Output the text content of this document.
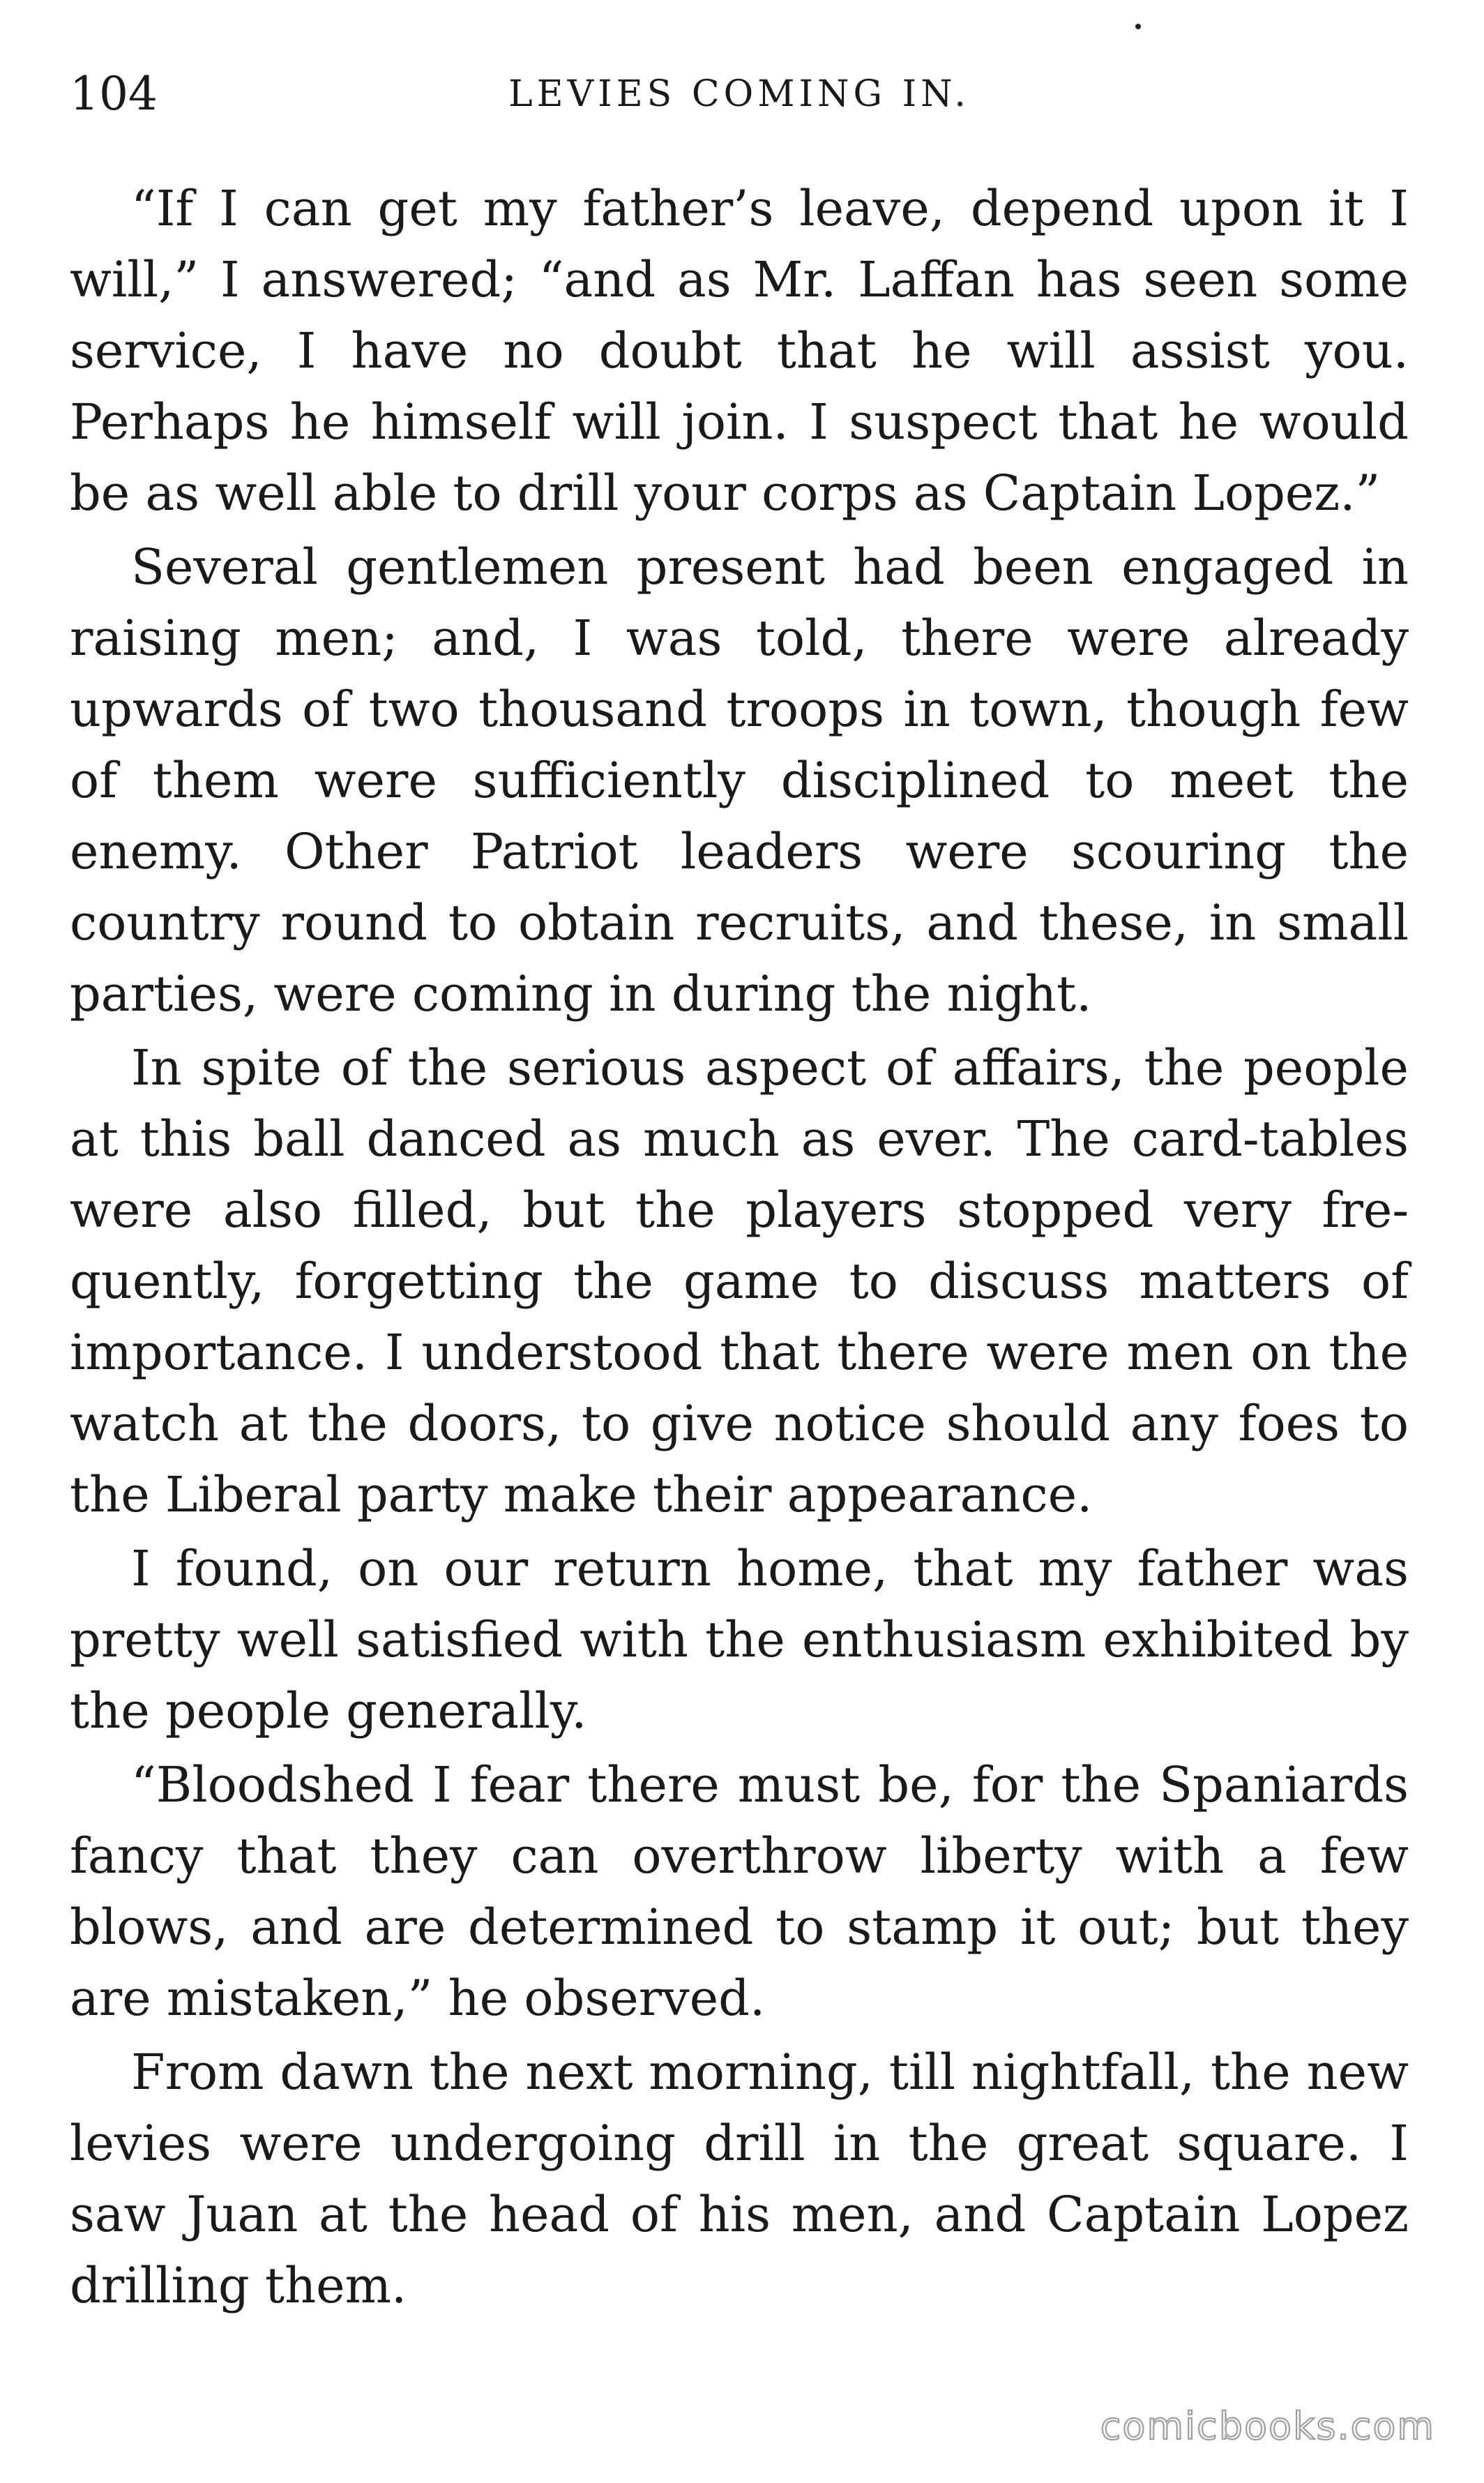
104	LEVIES COMING IN.

“If I can get my father’s leave, depend upon it I will,” I answered; “and as Mr. Laffan has seen some service, I have no doubt that he will assist you. Perhaps he himself will join. I suspect that he would be as well able to drill your corps as Captain Lopez.”

Several gentlemen present had been engaged in raising men; and, I was told, there were already upwards of two thousand troops in town, though few of them were sufficiently disciplined to meet the enemy. Other Patriot leaders were scouring the country round to obtain recruits, and these, in small parties, were coming in during the night.

In spite of the serious aspect of affairs, the people at this ball danced as much as ever. The card-tables were also filled, but the players stopped very fre-quently, forgetting the game to discuss matters of importance. I understood that there were men on the watch at the doors, to give notice should any foes to the Liberal party make their appearance.

I found, on our return home, that my father was pretty well satisfied with the enthusiasm exhibited by the people generally.

“Bloodshed I fear there must be, for the Spaniards fancy that they can overthrow liberty with a few blows, and are determined to stamp it out; but they are mistaken,” he observed.

From dawn the next morning, till nightfall, the new levies were undergoing drill in the great square. I saw Juan at the head of his men, and Captain Lopez drilling them.

comicbooks.com
